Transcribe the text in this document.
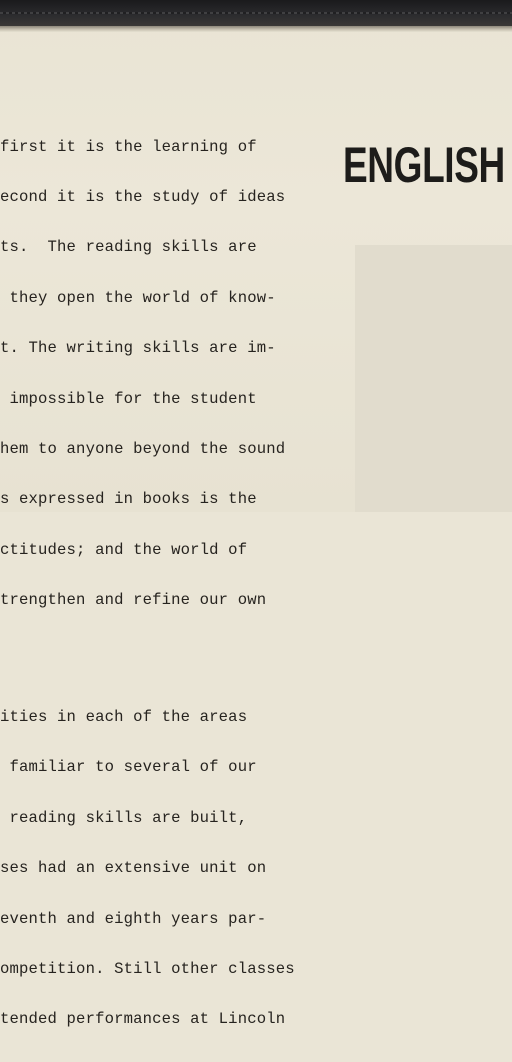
first it is the learning of

econd it is the study of ideas

ts.  The reading skills are

they open the world of know-

t. The writing skills are im-

impossible for the student

hem to anyone beyond the sound

s expressed in books is the

ctitudes; and the world of

trengthen and refine our own

ities in each of the areas

familiar to several of our

reading skills are built,

ses had an extensive unit on

eventh and eighth years par-

ompetition. Still other classes

tended performances at Lincoln

ENGLISH
